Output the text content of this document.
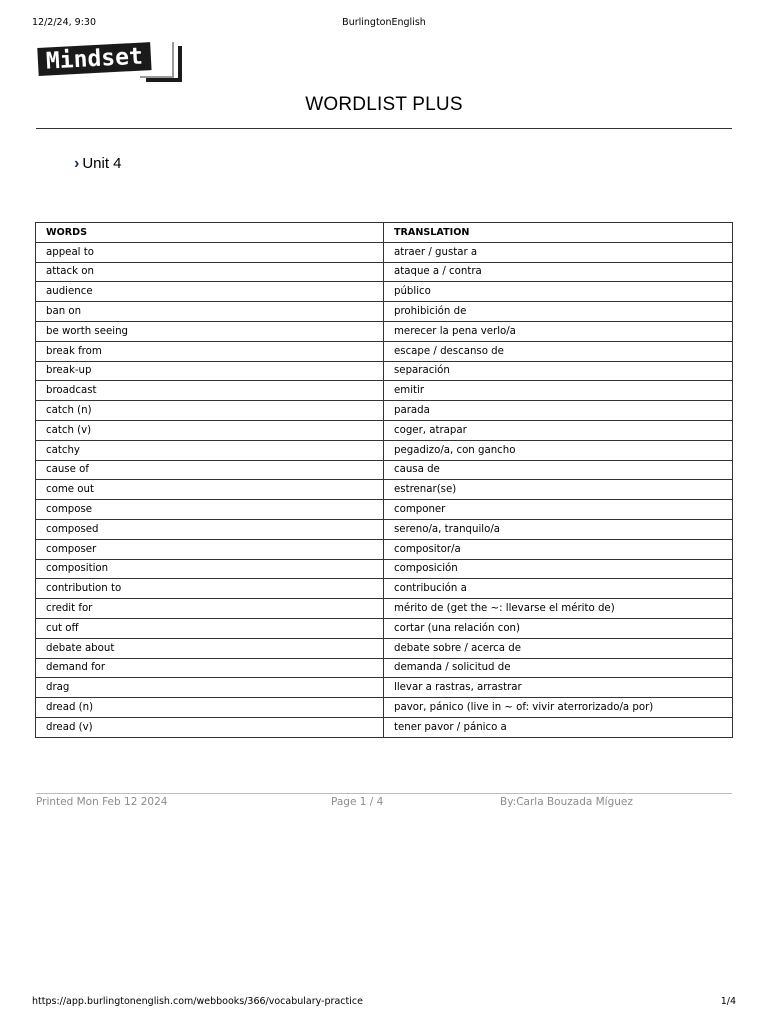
12/2/24, 9:30	BurlingtonEnglish
Mindset
WORDLIST PLUS
› Unit 4
WORDS	TRANSLATION
appeal to	atraer / gustar a
attack on	ataque a / contra
audience	público
ban on	prohibición de
be worth seeing	merecer la pena verlo/a
break from	escape / descanso de
break-up	separación
broadcast	emitir
catch (n)	parada
catch (v)	coger, atrapar
catchy	pegadizo/a, con gancho
cause of	causa de
come out	estrenar(se)
compose	componer
composed	sereno/a, tranquilo/a
composer	compositor/a
composition	composición
contribution to	contribución a
credit for	mérito de (get the ~: llevarse el mérito de)
cut off	cortar (una relación con)
debate about	debate sobre / acerca de
demand for	demanda / solicitud de
drag	llevar a rastras, arrastrar
dread (n)	pavor, pánico (live in ~ of: vivir aterrorizado/a por)
dread (v)	tener pavor / pánico a
Printed Mon Feb 12 2024	Page 1 / 4	By:Carla Bouzada Míguez
https://app.burlingtonenglish.com/webbooks/366/vocabulary-practice	1/4
